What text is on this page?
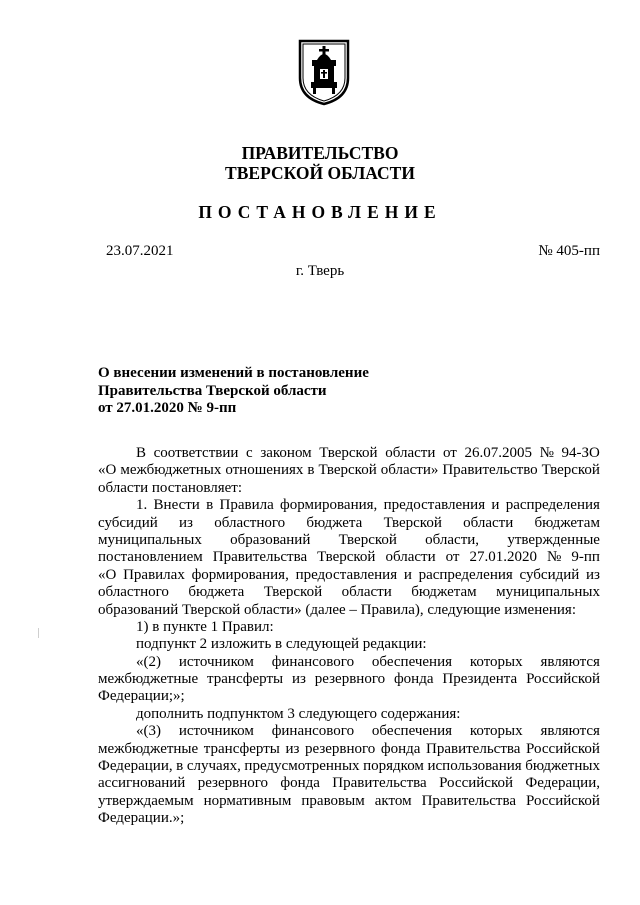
ПРАВИТЕЛЬСТВО
ТВЕРСКОЙ ОБЛАСТИ
ПОСТАНОВЛЕНИЕ
23.07.2021	№ 405-пп
г. Тверь
О внесении изменений в постановление
Правительства Тверской области
от 27.01.2020 № 9-пп
В соответствии с законом Тверской области от 26.07.2005 № 94-ЗО
«О межбюджетных отношениях в Тверской области» Правительство Тверской
области постановляет:
1. Внести в Правила формирования, предоставления и распределения
субсидий из областного бюджета Тверской области бюджетам
муниципальных образований Тверской области, утвержденные
постановлением Правительства Тверской области от 27.01.2020 № 9-пп
«О Правилах формирования, предоставления и распределения субсидий из
областного бюджета Тверской области бюджетам муниципальных
образований Тверской области» (далее – Правила), следующие изменения:
1) в пункте 1 Правил:
подпункт 2 изложить в следующей редакции:
«(2) источником финансового обеспечения которых являются
межбюджетные трансферты из резервного фонда Президента Российской
Федерации;»;
дополнить подпунктом 3 следующего содержания:
«(3) источником финансового обеспечения которых являются
межбюджетные трансферты из резервного фонда Правительства Российской
Федерации, в случаях, предусмотренных порядком использования бюджетных
ассигнований резервного фонда Правительства Российской Федерации,
утверждаемым нормативным правовым актом Правительства Российской
Федерации.»;
